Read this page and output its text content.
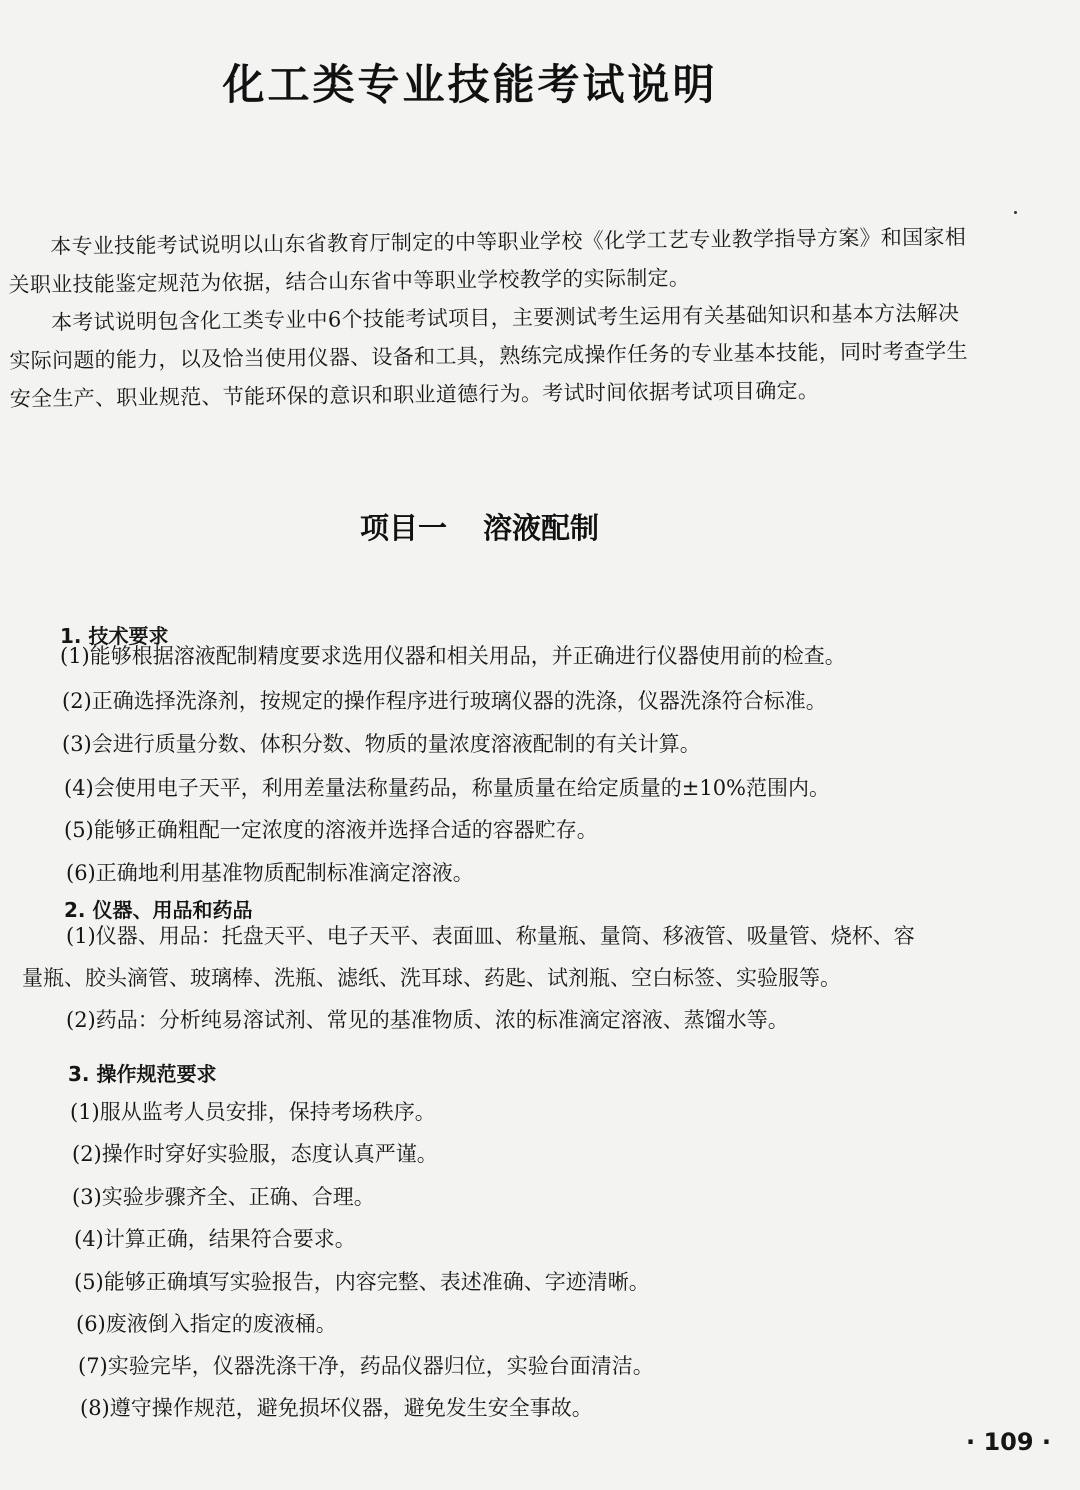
化工类专业技能考试说明

本专业技能考试说明以山东省教育厅制定的中等职业学校《化学工艺专业教学指导方案》和国家相关职业技能鉴定规范为依据，结合山东省中等职业学校教学的实际制定。

本考试说明包含化工类专业中6个技能考试项目，主要测试考生运用有关基础知识和基本方法解决实际问题的能力，以及恰当使用仪器、设备和工具，熟练完成操作任务的专业基本技能，同时考查学生安全生产、职业规范、节能环保的意识和职业道德行为。考试时间依据考试项目确定。

项目一 溶液配制
1. 技术要求
(1)能够根据溶液配制精度要求选用仪器和相关用品，并正确进行仪器使用前的检查。
(2)正确选择洗涤剂，按规定的操作程序进行玻璃仪器的洗涤，仪器洗涤符合标准。
(3)会进行质量分数、体积分数、物质的量浓度溶液配制的有关计算。
(4)会使用电子天平，利用差量法称量药品，称量质量在给定质量的±10%范围内。
(5)能够正确粗配一定浓度的溶液并选择合适的容器贮存。
(6)正确地利用基准物质配制标准滴定溶液。
2. 仪器、用品和药品
(1)仪器、用品：托盘天平、电子天平、表面皿、称量瓶、量筒、移液管、吸量管、烧杯、容
量瓶、胶头滴管、玻璃棒、洗瓶、滤纸、洗耳球、药匙、试剂瓶、空白标签、实验服等。
(2)药品：分析纯易溶试剂、常见的基准物质、浓的标准滴定溶液、蒸馏水等。
3. 操作规范要求
(1)服从监考人员安排，保持考场秩序。
(2)操作时穿好实验服，态度认真严谨。
(3)实验步骤齐全、正确、合理。
(4)计算正确，结果符合要求。
(5)能够正确填写实验报告，内容完整、表述准确、字迹清晰。
(6)废液倒入指定的废液桶。
(7)实验完毕，仪器洗涤干净，药品仪器归位，实验台面清洁。
(8)遵守操作规范，避免损坏仪器，避免发生安全事故。
· 109 ·
